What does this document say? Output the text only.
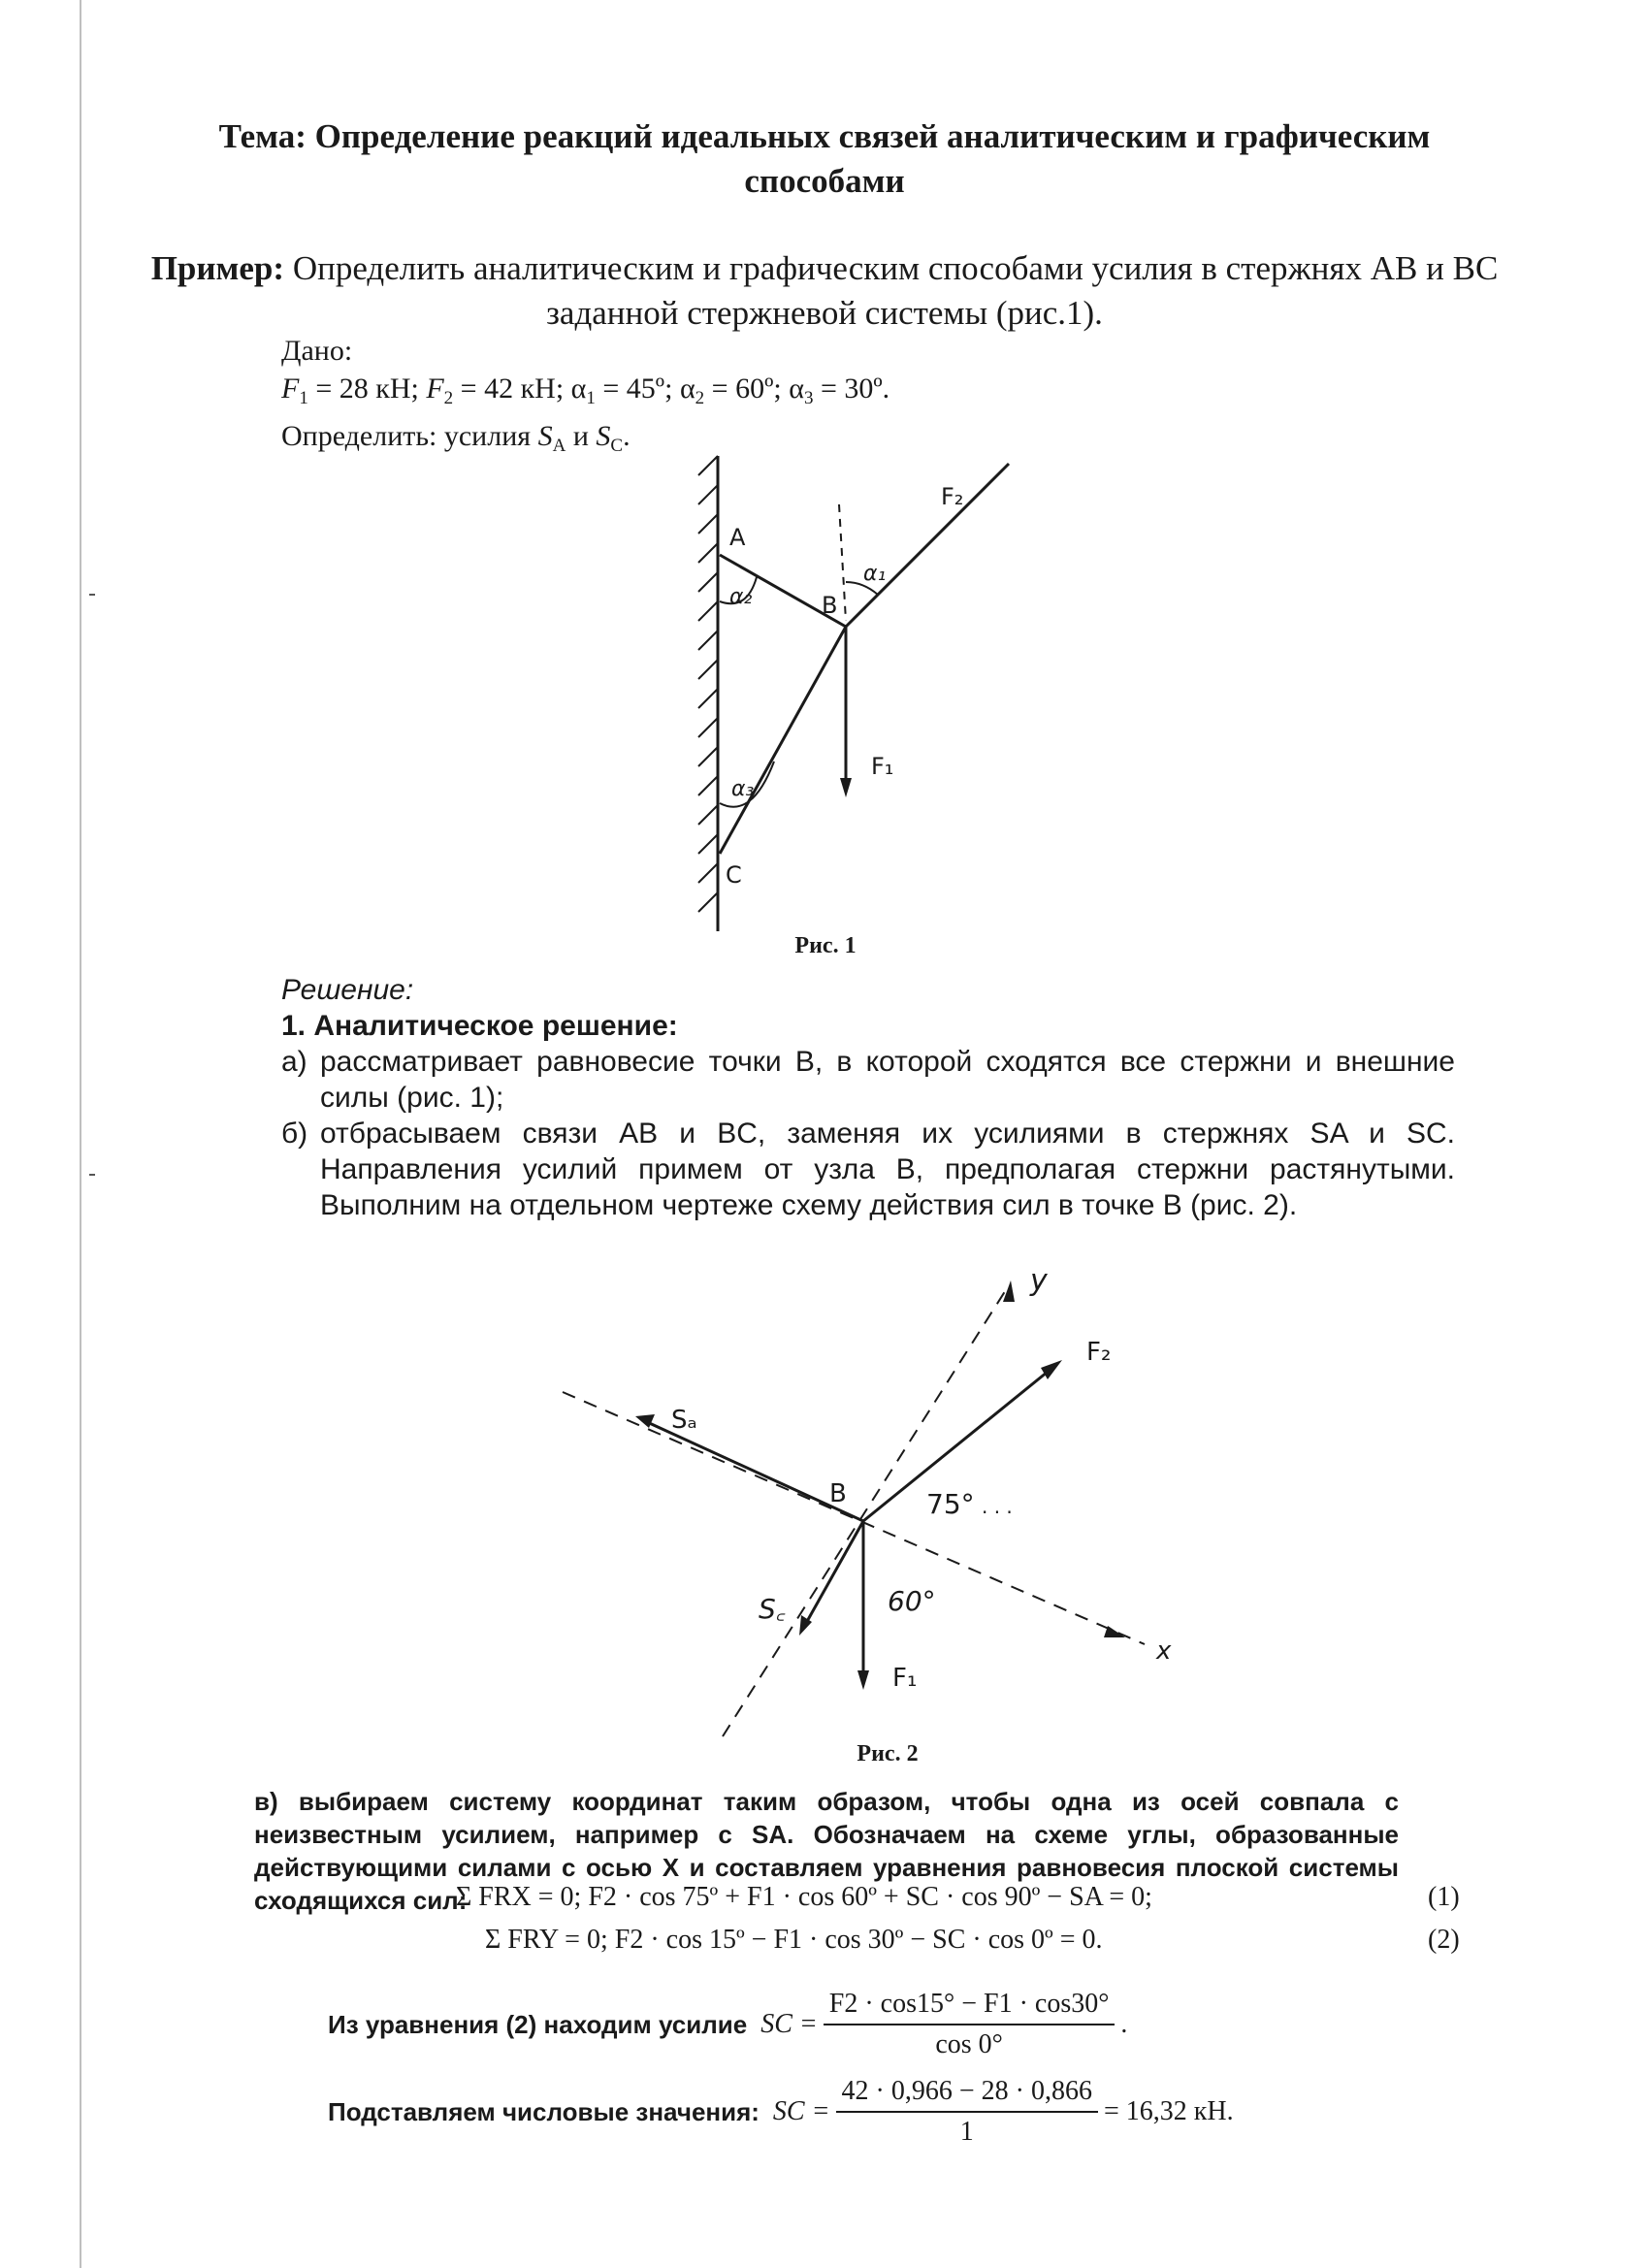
Тема: Определение реакций идеальных связей аналитическим и графическим способами
Пример: Определить аналитическим и графическим способами усилия в стержнях AB и BC заданной стержневой системы (рис.1).
Дано:
$F_1 = 28$ кН; $F_2 = 42$ кН; $\alpha_1$ = 45º; $\alpha_2$ = 60º; $\alpha_3$ = 30º.
Определить: усилия $S_A$ и $S_C$.
A
B
C
F₁
F₂
α₁
α₂
α₃
Рис. 1
Решение:
1. Аналитическое решение:
а) рассматривает равновесие точки B, в которой сходятся все стержни и внешние силы (рис. 1);
б) отбрасываем связи AB и BC, заменяя их усилиями в стержнях SA и SC. Направления усилий примем от узла B, предполагая стержни растянутыми. Выполним на отдельном чертеже схему действия сил в точке B (рис. 2).
y
x
F₂
Sₐ
B	75° . . .
60°
S꜀
F₁
Рис. 2
в) выбираем систему координат таким образом, чтобы одна из осей совпала с неизвестным усилием, например с SA. Обозначаем на схеме углы, образованные действующими силами с осью X и составляем уравнения равновесия плоской системы сходящихся сил:
Σ FRX = 0; F2 · cos 75º + F1 · cos 60º + SC · cos 90º − SA = 0;	(1)
Σ FRY = 0; F2 · cos 15º − F1 · cos 30º − SC · cos 0º = 0.	(2)
Из уравнения (2) находим усилие SC = $\frac{F2 \cdot \cos 15^\circ - F1 \cdot \cos 30^\circ}{\cos 0^\circ}$ .
Подставляем числовые значения: SC = $\frac{42 \cdot 0,966 - 28 \cdot 0,866}{1} = 16,32$ кН.
